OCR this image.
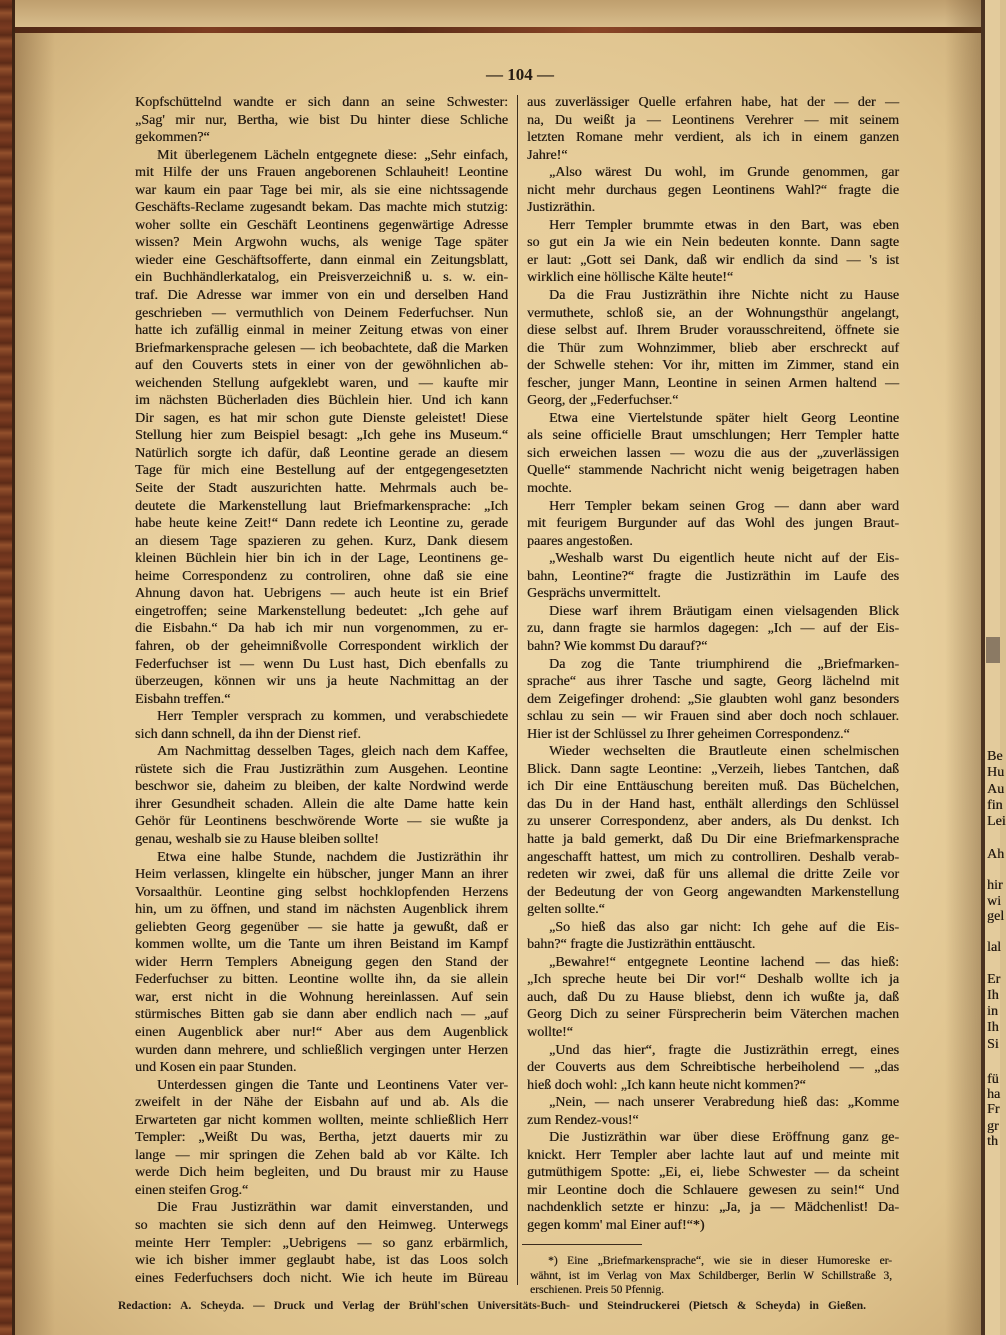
Be
Hu
Au
fin
Lei
Ah
hir
wi
gel
lal
Er
Ih
in
Ih
Si
fü
ha
Fr
gr
th
— 104 —
Kopfschüttelnd wandte er sich dann an seine Schwester:
„Sag' mir nur, Bertha, wie bist Du hinter diese Schliche
gekommen?“
Mit überlegenem Lächeln entgegnete diese: „Sehr einfach,
mit Hilfe der uns Frauen angeborenen Schlauheit! Leontine
war kaum ein paar Tage bei mir, als sie eine nichtssagende
Geschäfts-Reclame zugesandt bekam. Das machte mich stutzig:
woher sollte ein Geschäft Leontinens gegenwärtige Adresse
wissen? Mein Argwohn wuchs, als wenige Tage später
wieder eine Geschäftsofferte, dann einmal ein Zeitungsblatt,
ein Buchhändlerkatalog, ein Preisverzeichniß u. s. w. ein-
traf. Die Adresse war immer von ein und derselben Hand
geschrieben — vermuthlich von Deinem Federfuchser. Nun
hatte ich zufällig einmal in meiner Zeitung etwas von einer
Briefmarkensprache gelesen — ich beobachtete, daß die Marken
auf den Couverts stets in einer von der gewöhnlichen ab-
weichenden Stellung aufgeklebt waren, und — kaufte mir
im nächsten Bücherladen dies Büchlein hier. Und ich kann
Dir sagen, es hat mir schon gute Dienste geleistet! Diese
Stellung hier zum Beispiel besagt: „Ich gehe ins Museum.“
Natürlich sorgte ich dafür, daß Leontine gerade an diesem
Tage für mich eine Bestellung auf der entgegengesetzten
Seite der Stadt auszurichten hatte. Mehrmals auch be-
deutete die Markenstellung laut Briefmarkensprache: „Ich
habe heute keine Zeit!“ Dann redete ich Leontine zu, gerade
an diesem Tage spazieren zu gehen. Kurz, Dank diesem
kleinen Büchlein hier bin ich in der Lage, Leontinens ge-
heime Correspondenz zu controliren, ohne daß sie eine
Ahnung davon hat. Uebrigens — auch heute ist ein Brief
eingetroffen; seine Markenstellung bedeutet: „Ich gehe auf
die Eisbahn.“ Da hab ich mir nun vorgenommen, zu er-
fahren, ob der geheimnißvolle Correspondent wirklich der
Federfuchser ist — wenn Du Lust hast, Dich ebenfalls zu
überzeugen, können wir uns ja heute Nachmittag an der
Eisbahn treffen.“
Herr Templer versprach zu kommen, und verabschiedete
sich dann schnell, da ihn der Dienst rief.
Am Nachmittag desselben Tages, gleich nach dem Kaffee,
rüstete sich die Frau Justizräthin zum Ausgehen. Leontine
beschwor sie, daheim zu bleiben, der kalte Nordwind werde
ihrer Gesundheit schaden. Allein die alte Dame hatte kein
Gehör für Leontinens beschwörende Worte — sie wußte ja
genau, weshalb sie zu Hause bleiben sollte!
Etwa eine halbe Stunde, nachdem die Justizräthin ihr
Heim verlassen, klingelte ein hübscher, junger Mann an ihrer
Vorsaalthür. Leontine ging selbst hochklopfenden Herzens
hin, um zu öffnen, und stand im nächsten Augenblick ihrem
geliebten Georg gegenüber — sie hatte ja gewußt, daß er
kommen wollte, um die Tante um ihren Beistand im Kampf
wider Herrn Templers Abneigung gegen den Stand der
Federfuchser zu bitten. Leontine wollte ihn, da sie allein
war, erst nicht in die Wohnung hereinlassen. Auf sein
stürmisches Bitten gab sie dann aber endlich nach — „auf
einen Augenblick aber nur!“ Aber aus dem Augenblick
wurden dann mehrere, und schließlich vergingen unter Herzen
und Kosen ein paar Stunden.
Unterdessen gingen die Tante und Leontinens Vater ver-
zweifelt in der Nähe der Eisbahn auf und ab. Als die
Erwarteten gar nicht kommen wollten, meinte schließlich Herr
Templer: „Weißt Du was, Bertha, jetzt dauerts mir zu
lange — mir springen die Zehen bald ab vor Kälte. Ich
werde Dich heim begleiten, und Du braust mir zu Hause
einen steifen Grog.“
Die Frau Justizräthin war damit einverstanden, und
so machten sie sich denn auf den Heimweg. Unterwegs
meinte Herr Templer: „Uebrigens — so ganz erbärmlich,
wie ich bisher immer geglaubt habe, ist das Loos solch
eines Federfuchsers doch nicht. Wie ich heute im Büreau
aus zuverlässiger Quelle erfahren habe, hat der — der —
na, Du weißt ja — Leontinens Verehrer — mit seinem
letzten Romane mehr verdient, als ich in einem ganzen
Jahre!“
„Also wärest Du wohl, im Grunde genommen, gar
nicht mehr durchaus gegen Leontinens Wahl?“ fragte die
Justizräthin.
Herr Templer brummte etwas in den Bart, was eben
so gut ein Ja wie ein Nein bedeuten konnte. Dann sagte
er laut: „Gott sei Dank, daß wir endlich da sind — 's ist
wirklich eine höllische Kälte heute!“
Da die Frau Justizräthin ihre Nichte nicht zu Hause
vermuthete, schloß sie, an der Wohnungsthür angelangt,
diese selbst auf. Ihrem Bruder vorausschreitend, öffnete sie
die Thür zum Wohnzimmer, blieb aber erschreckt auf
der Schwelle stehen: Vor ihr, mitten im Zimmer, stand ein
fescher, junger Mann, Leontine in seinen Armen haltend —
Georg, der „Federfuchser.“
Etwa eine Viertelstunde später hielt Georg Leontine
als seine officielle Braut umschlungen; Herr Templer hatte
sich erweichen lassen — wozu die aus der „zuverlässigen
Quelle“ stammende Nachricht nicht wenig beigetragen haben
mochte.
Herr Templer bekam seinen Grog — dann aber ward
mit feurigem Burgunder auf das Wohl des jungen Braut-
paares angestoßen.
„Weshalb warst Du eigentlich heute nicht auf der Eis-
bahn, Leontine?“ fragte die Justizräthin im Laufe des
Gesprächs unvermittelt.
Diese warf ihrem Bräutigam einen vielsagenden Blick
zu, dann fragte sie harmlos dagegen: „Ich — auf der Eis-
bahn? Wie kommst Du darauf?“
Da zog die Tante triumphirend die „Briefmarken-
sprache“ aus ihrer Tasche und sagte, Georg lächelnd mit
dem Zeigefinger drohend: „Sie glaubten wohl ganz besonders
schlau zu sein — wir Frauen sind aber doch noch schlauer.
Hier ist der Schlüssel zu Ihrer geheimen Correspondenz.“
Wieder wechselten die Brautleute einen schelmischen
Blick. Dann sagte Leontine: „Verzeih, liebes Tantchen, daß
ich Dir eine Enttäuschung bereiten muß. Das Büchelchen,
das Du in der Hand hast, enthält allerdings den Schlüssel
zu unserer Correspondenz, aber anders, als Du denkst. Ich
hatte ja bald gemerkt, daß Du Dir eine Briefmarkensprache
angeschafft hattest, um mich zu controlliren. Deshalb verab-
redeten wir zwei, daß für uns allemal die dritte Zeile vor
der Bedeutung der von Georg angewandten Markenstellung
gelten sollte.“
„So hieß das also gar nicht: Ich gehe auf die Eis-
bahn?“ fragte die Justizräthin enttäuscht.
„Bewahre!“ entgegnete Leontine lachend — das hieß:
„Ich spreche heute bei Dir vor!“ Deshalb wollte ich ja
auch, daß Du zu Hause bliebst, denn ich wußte ja, daß
Georg Dich zu seiner Fürsprecherin beim Väterchen machen
wollte!“
„Und das hier“, fragte die Justizräthin erregt, eines
der Couverts aus dem Schreibtische herbeiholend — „das
hieß doch wohl: „Ich kann heute nicht kommen?“
„Nein, — nach unserer Verabredung hieß das: „Komme
zum Rendez-vous!“
Die Justizräthin war über diese Eröffnung ganz ge-
knickt. Herr Templer aber lachte laut auf und meinte mit
gutmüthigem Spotte: „Ei, ei, liebe Schwester — da scheint
mir Leontine doch die Schlauere gewesen zu sein!“ Und
nachdenklich setzte er hinzu: „Ja, ja — Mädchenlist! Da-
gegen komm' mal Einer auf!“*)
*) Eine „Briefmarkensprache“, wie sie in dieser Humoreske er-
wähnt, ist im Verlag von Max Schildberger, Berlin W Schillstraße 3,
erschienen. Preis 50 Pfennig.
Redaction: A. Scheyda. — Druck und Verlag der Brühl'schen Universitäts-Buch- und Steindruckerei (Pietsch & Scheyda) in Gießen.
